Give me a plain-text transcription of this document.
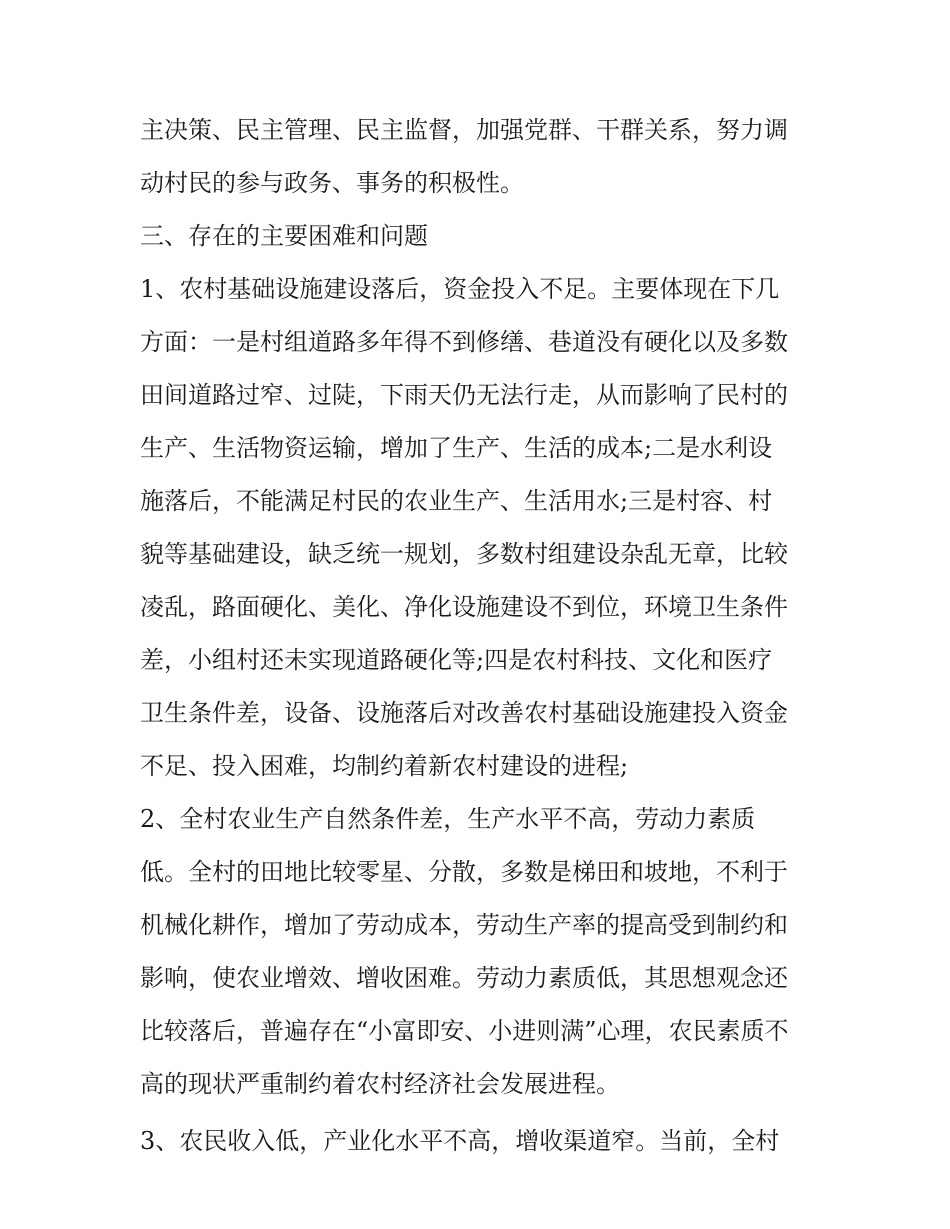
主决策、民主管理、民主监督，加强党群、干群关系，努力调
动村民的参与政务、事务的积极性。
三、存在的主要困难和问题
1、农村基础设施建设落后，资金投入不足。主要体现在下几
方面：一是村组道路多年得不到修缮、巷道没有硬化以及多数
田间道路过窄、过陡，下雨天仍无法行走，从而影响了民村的
生产、生活物资运输，增加了生产、生活的成本;二是水利设
施落后，不能满足村民的农业生产、生活用水;三是村容、村
貌等基础建设，缺乏统一规划，多数村组建设杂乱无章，比较
凌乱，路面硬化、美化、净化设施建设不到位，环境卫生条件
差，小组村还未实现道路硬化等;四是农村科技、文化和医疗
卫生条件差，设备、设施落后对改善农村基础设施建投入资金
不足、投入困难，均制约着新农村建设的进程;
2、全村农业生产自然条件差，生产水平不高，劳动力素质
低。全村的田地比较零星、分散，多数是梯田和坡地，不利于
机械化耕作，增加了劳动成本，劳动生产率的提高受到制约和
影响，使农业增效、增收困难。劳动力素质低，其思想观念还
比较落后，普遍存在“小富即安、小进则满”心理，农民素质不
高的现状严重制约着农村经济社会发展进程。
3、农民收入低，产业化水平不高，增收渠道窄。当前，全村
